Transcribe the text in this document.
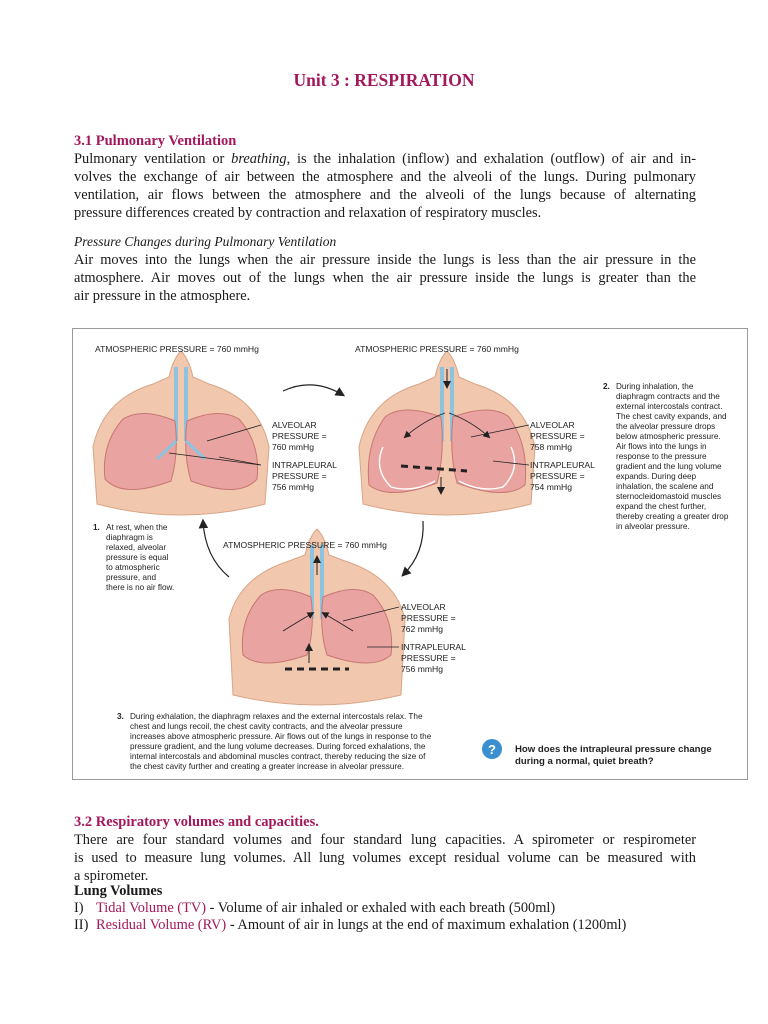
Unit 3 : RESPIRATION
3.1 Pulmonary Ventilation
Pulmonary ventilation or breathing, is the inhalation (inflow) and exhalation (outflow) of air and in-
volves the exchange of air between the atmosphere and the alveoli of the lungs. During pulmonary
ventilation, air flows between the atmosphere and the alveoli of the lungs because of alternating
pressure differences created by contraction and relaxation of respiratory muscles.
Pressure Changes during Pulmonary Ventilation
Air moves into the lungs when the air pressure inside the lungs is less than the air pressure in the
atmosphere. Air moves out of the lungs when the air pressure inside the lungs is greater than the
air pressure in the atmosphere.
ATMOSPHERIC PRESSURE = 760 mmHg
ALVEOLAR
PRESSURE =
760 mmHg
INTRAPLEURAL
PRESSURE =
756 mmHg
ATMOSPHERIC PRESSURE = 760 mmHg
ALVEOLAR
PRESSURE =
758 mmHg
INTRAPLEURAL
PRESSURE =
754 mmHg
ATMOSPHERIC PRESSURE = 760 mmHg
ALVEOLAR
PRESSURE =
762 mmHg
INTRAPLEURAL
PRESSURE =
756 mmHg
1. At rest, when the
diaphragm is
relaxed, alveolar
pressure is equal
to atmospheric
pressure, and
there is no air flow.
2. During inhalation, the
diaphragm contracts and the
external intercostals contract.
The chest cavity expands, and
the alveolar pressure drops
below atmospheric pressure.
Air flows into the lungs in
response to the pressure
gradient and the lung volume
expands. During deep
inhalation, the scalene and
sternocleidomastoid muscles
expand the chest further,
thereby creating a greater drop
in alveolar pressure.
3. During exhalation, the diaphragm relaxes and the external intercostals relax. The
chest and lungs recoil, the chest cavity contracts, and the alveolar pressure
increases above atmospheric pressure. Air flows out of the lungs in response to the
pressure gradient, and the lung volume decreases. During forced exhalations, the
internal intercostals and abdominal muscles contract, thereby reducing the size of
the chest cavity further and creating a greater increase in alveolar pressure.
? How does the intrapleural pressure change
during a normal, quiet breath?
3.2 Respiratory volumes and capacities.
There are four standard volumes and four standard lung capacities. A spirometer or respirometer
is used to measure lung volumes. All lung volumes except residual volume can be measured with
a spirometer.
Lung Volumes
I) Tidal Volume (TV) - Volume of air inhaled or exhaled with each breath (500ml)
II) Residual Volume (RV) - Amount of air in lungs at the end of maximum exhalation (1200ml)
